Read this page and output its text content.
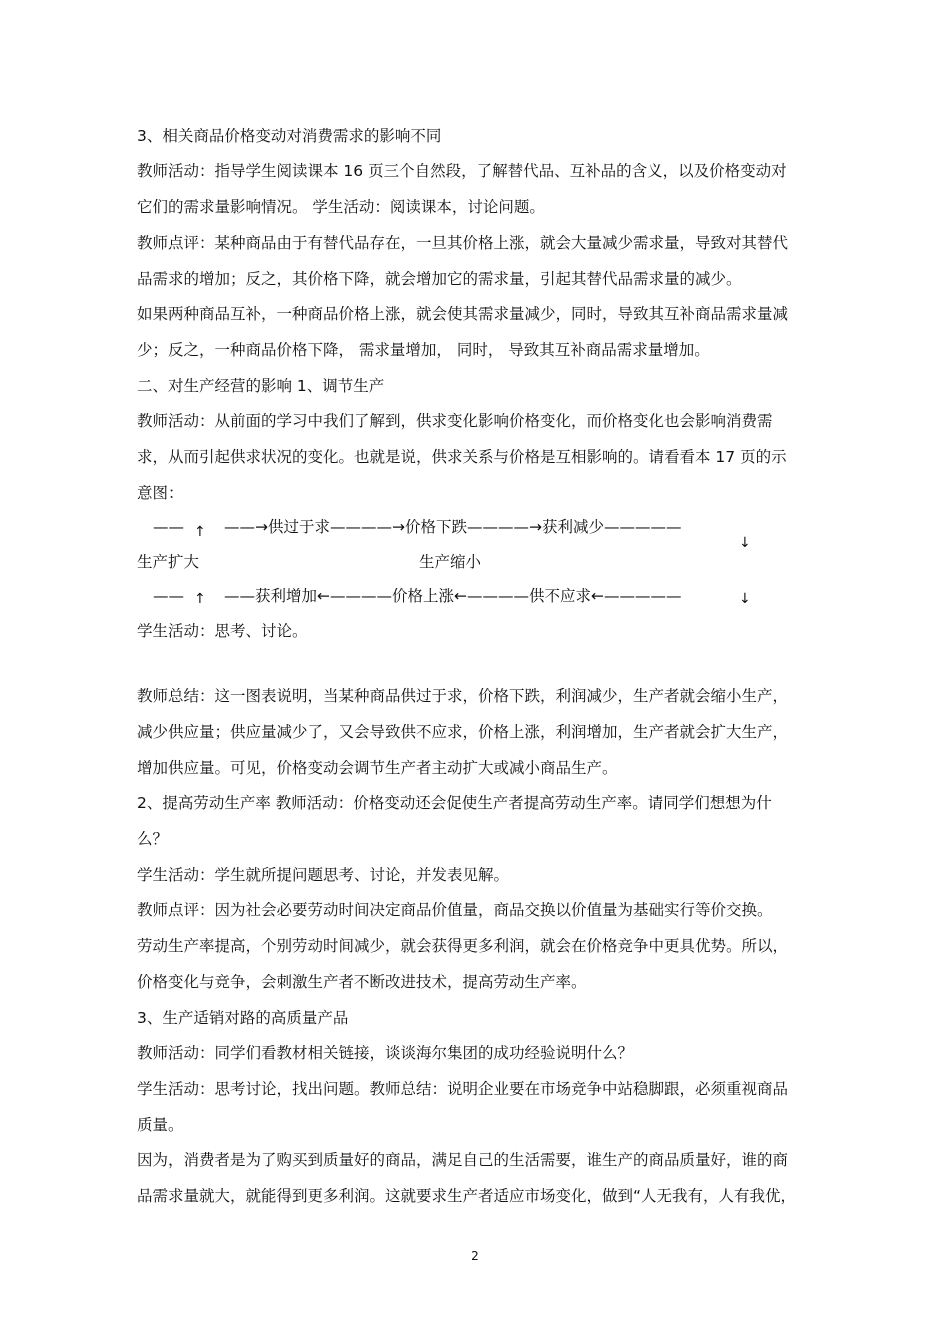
3、相关商品价格变动对消费需求的影响不同
教师活动：指导学生阅读课本 16 页三个自然段，了解替代品、互补品的含义，以及价格变动对
它们的需求量影响情况。 学生活动：阅读课本，讨论问题。
教师点评：某种商品由于有替代品存在，一旦其价格上涨，就会大量减少需求量，导致对其替代
品需求的增加；反之，其价格下降，就会增加它的需求量，引起其替代品需求量的减少。
如果两种商品互补，一种商品价格上涨，就会使其需求量减少，同时，导致其互补商品需求量减
少；反之，一种商品价格下降， 需求量增加， 同时， 导致其互补商品需求量增加。
二、对生产经营的影响 1、调节生产
教师活动：从前面的学习中我们了解到，供求变化影响价格变化，而价格变化也会影响消费需
求，从而引起供求状况的变化。也就是说，供求关系与价格是互相影响的。请看看本 17 页的示
意图：
—— ↑ ——→供过于求————→价格下跌————→获利减少—————
↓
生产扩大	生产缩小
—— ↑ ——获利增加←————价格上涨←————供不应求←—————	↓
学生活动：思考、讨论。
教师总结：这一图表说明，当某种商品供过于求，价格下跌，利润减少，生产者就会缩小生产，
减少供应量；供应量减少了，又会导致供不应求，价格上涨，利润增加，生产者就会扩大生产，
增加供应量。可见，价格变动会调节生产者主动扩大或减小商品生产。
2、提高劳动生产率 教师活动：价格变动还会促使生产者提高劳动生产率。请同学们想想为什
么？
学生活动：学生就所提问题思考、讨论，并发表见解。
教师点评：因为社会必要劳动时间决定商品价值量，商品交换以价值量为基础实行等价交换。
劳动生产率提高，个别劳动时间减少，就会获得更多利润，就会在价格竞争中更具优势。所以，
价格变化与竞争，会刺激生产者不断改进技术，提高劳动生产率。
3、生产适销对路的高质量产品
教师活动：同学们看教材相关链接，谈谈海尔集团的成功经验说明什么？
学生活动：思考讨论，找出问题。教师总结：说明企业要在市场竞争中站稳脚跟，必须重视商品
质量。
因为，消费者是为了购买到质量好的商品，满足自己的生活需要，谁生产的商品质量好，谁的商
品需求量就大，就能得到更多利润。这就要求生产者适应市场变化，做到“人无我有，人有我优，
2
